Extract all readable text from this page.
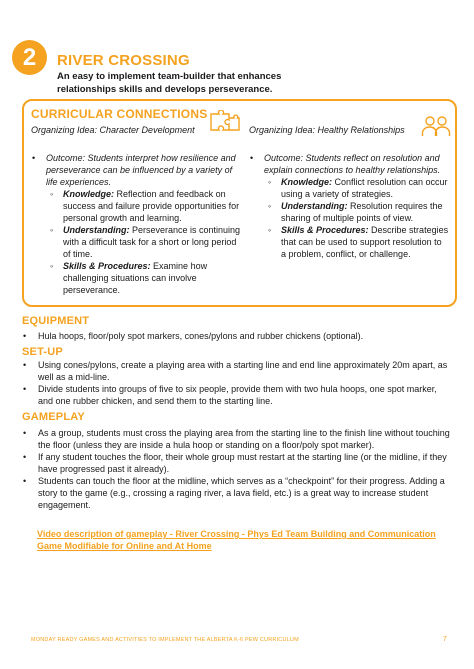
2	RIVER CROSSING
An easy to implement team-builder that enhances relationships skills and develops perseverance.
CURRICULAR CONNECTIONS
Organizing Idea: Character Development	Organizing Idea: Healthy Relationships
• Outcome: Students interpret how resilience and perseverance can be influenced by a variety of life experiences.
◦ Knowledge: Reflection and feedback on success and failure provide opportunities for personal growth and learning.
◦ Understanding: Perseverance is continuing with a difficult task for a short or long period of time.
◦ Skills & Procedures: Examine how challenging situations can involve perseverance.
• Outcome: Students reflect on resolution and explain connections to healthy relationships.
◦ Knowledge: Conflict resolution can occur using a variety of strategies.
◦ Understanding: Resolution requires the sharing of multiple points of view.
◦ Skills & Procedures: Describe strategies that can be used to support resolution to a problem, conflict, or challenge.
EQUIPMENT
• Hula hoops, floor/poly spot markers, cones/pylons and rubber chickens (optional).
SET-UP
• Using cones/pylons, create a playing area with a starting line and end line approximately 20m apart, as well as a mid-line.
• Divide students into groups of five to six people, provide them with two hula hoops, one spot marker, and one rubber chicken, and send them to the starting line.
GAMEPLAY
• As a group, students must cross the playing area from the starting line to the finish line without touching the floor (unless they are inside a hula hoop or standing on a floor/poly spot marker).
• If any student touches the floor, their whole group must restart at the starting line (or the midline, if they have progressed past it already).
• Students can touch the floor at the midline, which serves as a “checkpoint” for their progress. Adding a story to the game (e.g., crossing a raging river, a lava field, etc.) is a great way to increase student engagement.
Video description of gameplay - River Crossing - Phys Ed Team Building and Communication Game Modifiable for Online and At Home
MONDAY READY GAMES AND ACTIVITIES TO IMPLEMENT THE ALBERTA K-6 PEW CURRICULUM	7
